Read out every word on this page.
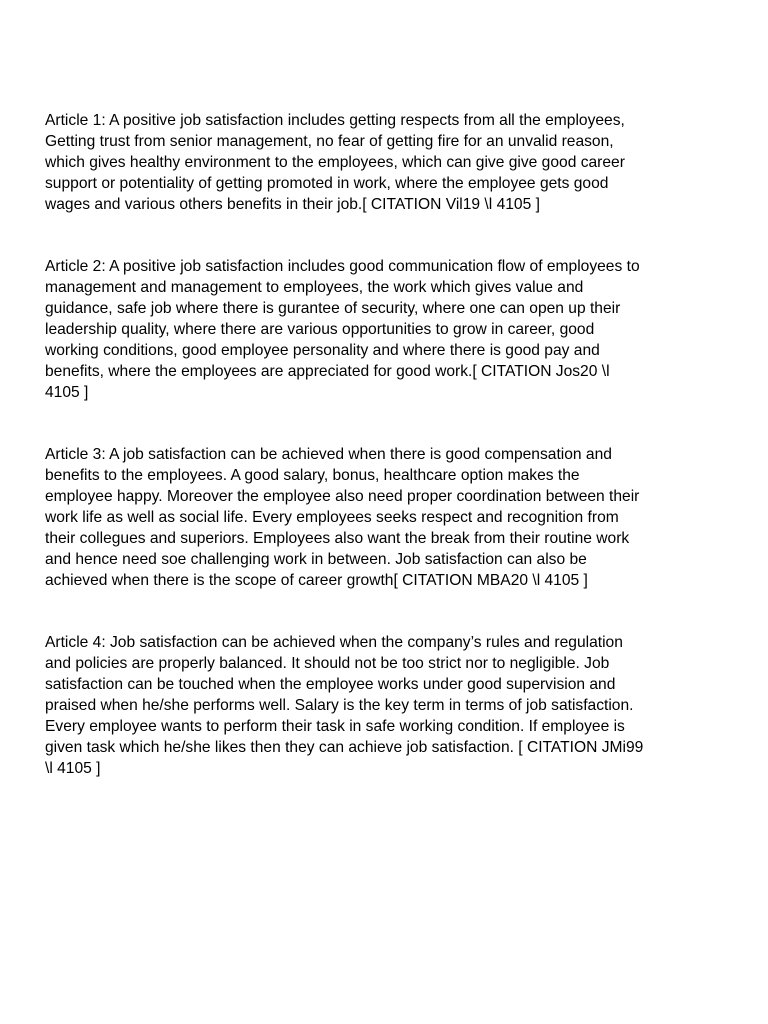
Article 1: A positive job satisfaction includes getting respects from all the employees,
Getting trust from senior management, no fear of getting fire for an unvalid reason,
which gives healthy environment to the employees, which can give give good career
support or potentiality of getting promoted in work, where the employee gets good
wages and various others benefits in their job.[ CITATION Vil19 \l 4105 ]

Article 2: A positive job satisfaction includes good communication flow of employees to
management and management to employees, the work which gives value and
guidance, safe job where there is gurantee of security, where one can open up their
leadership quality, where there are various opportunities to grow in career, good
working conditions, good employee personality and where there is good pay and
benefits, where the employees are appreciated for good work.[ CITATION Jos20 \l
4105 ]

Article 3: A job satisfaction can be achieved when there is good compensation and
benefits to the employees. A good salary, bonus, healthcare option makes the
employee happy. Moreover the employee also need proper coordination between their
work life as well as social life. Every employees seeks respect and recognition from
their collegues and superiors. Employees also want the break from their routine work
and hence need soe challenging work in between. Job satisfaction can also be
achieved when there is the scope of career growth[ CITATION MBA20 \l 4105 ]

Article 4: Job satisfaction can be achieved when the company’s rules and regulation
and policies are properly balanced. It should not be too strict nor to negligible. Job
satisfaction can be touched when the employee works under good supervision and
praised when he/she performs well. Salary is the key term in terms of job satisfaction.
Every employee wants to perform their task in safe working condition. If employee is
given task which he/she likes then they can achieve job satisfaction. [ CITATION JMi99
\l 4105 ]
